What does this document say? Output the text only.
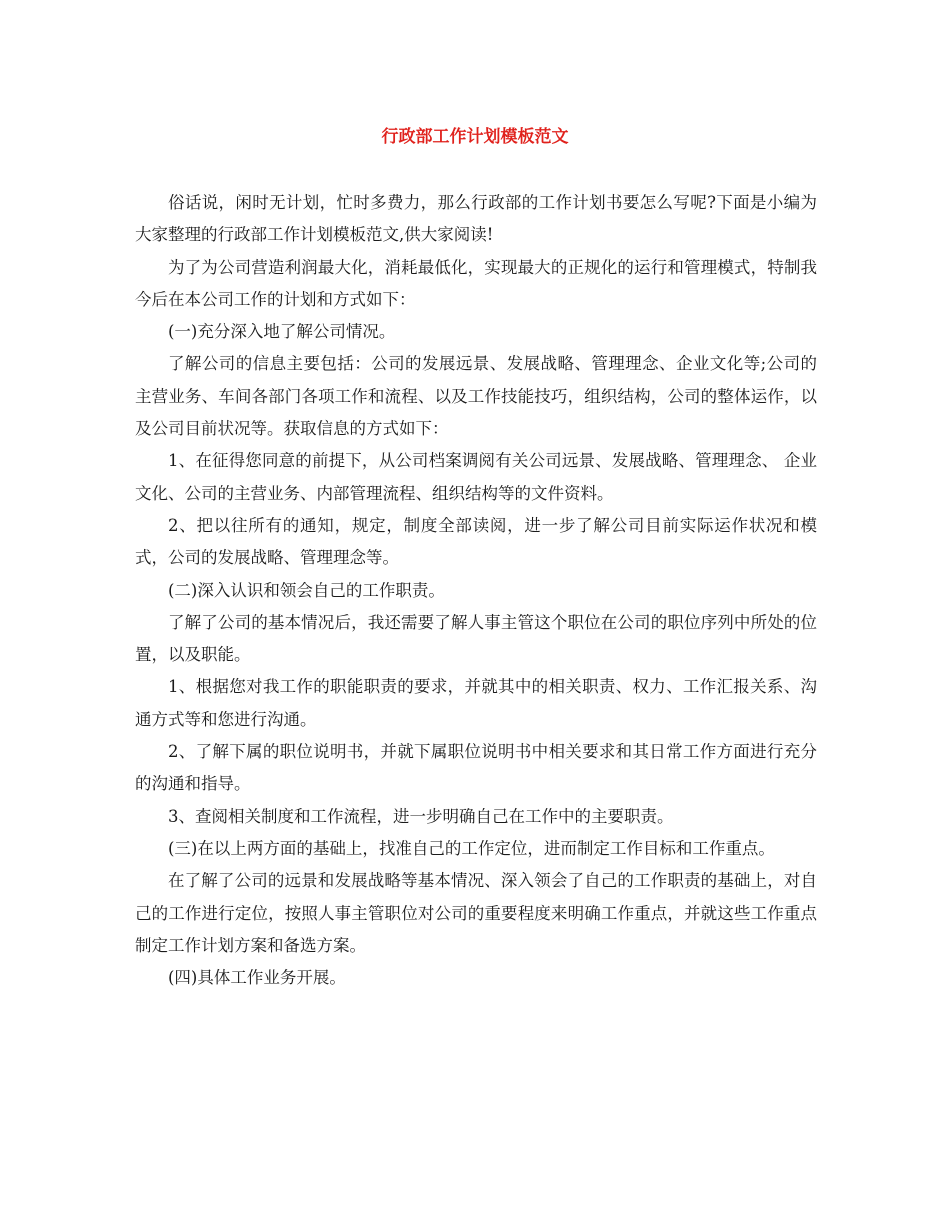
行政部工作计划模板范文

俗话说，闲时无计划，忙时多费力，那么行政部的工作计划书要怎么写呢?下面是小编为大家整理的行政部工作计划模板范文,供大家阅读!

为了为公司营造利润最大化，消耗最低化，实现最大的正规化的运行和管理模式，特制我今后在本公司工作的计划和方式如下：

(一)充分深入地了解公司情况。

了解公司的信息主要包括：公司的发展远景、发展战略、管理理念、企业文化等;公司的主营业务、车间各部门各项工作和流程、以及工作技能技巧，组织结构，公司的整体运作，以及公司目前状况等。获取信息的方式如下：

1、在征得您同意的前提下，从公司档案调阅有关公司远景、发展战略、管理理念、 企业文化、公司的主营业务、内部管理流程、组织结构等的文件资料。

2、把以往所有的通知，规定，制度全部读阅，进一步了解公司目前实际运作状况和模式，公司的发展战略、管理理念等。

(二)深入认识和领会自己的工作职责。

了解了公司的基本情况后，我还需要了解人事主管这个职位在公司的职位序列中所处的位置，以及职能。

1、根据您对我工作的职能职责的要求，并就其中的相关职责、权力、工作汇报关系、沟通方式等和您进行沟通。

2、了解下属的职位说明书，并就下属职位说明书中相关要求和其日常工作方面进行充分的沟通和指导。

3、查阅相关制度和工作流程，进一步明确自己在工作中的主要职责。

(三)在以上两方面的基础上，找准自己的工作定位，进而制定工作目标和工作重点。

在了解了公司的远景和发展战略等基本情况、深入领会了自己的工作职责的基础上，对自己的工作进行定位，按照人事主管职位对公司的重要程度来明确工作重点，并就这些工作重点制定工作计划方案和备选方案。

(四)具体工作业务开展。
